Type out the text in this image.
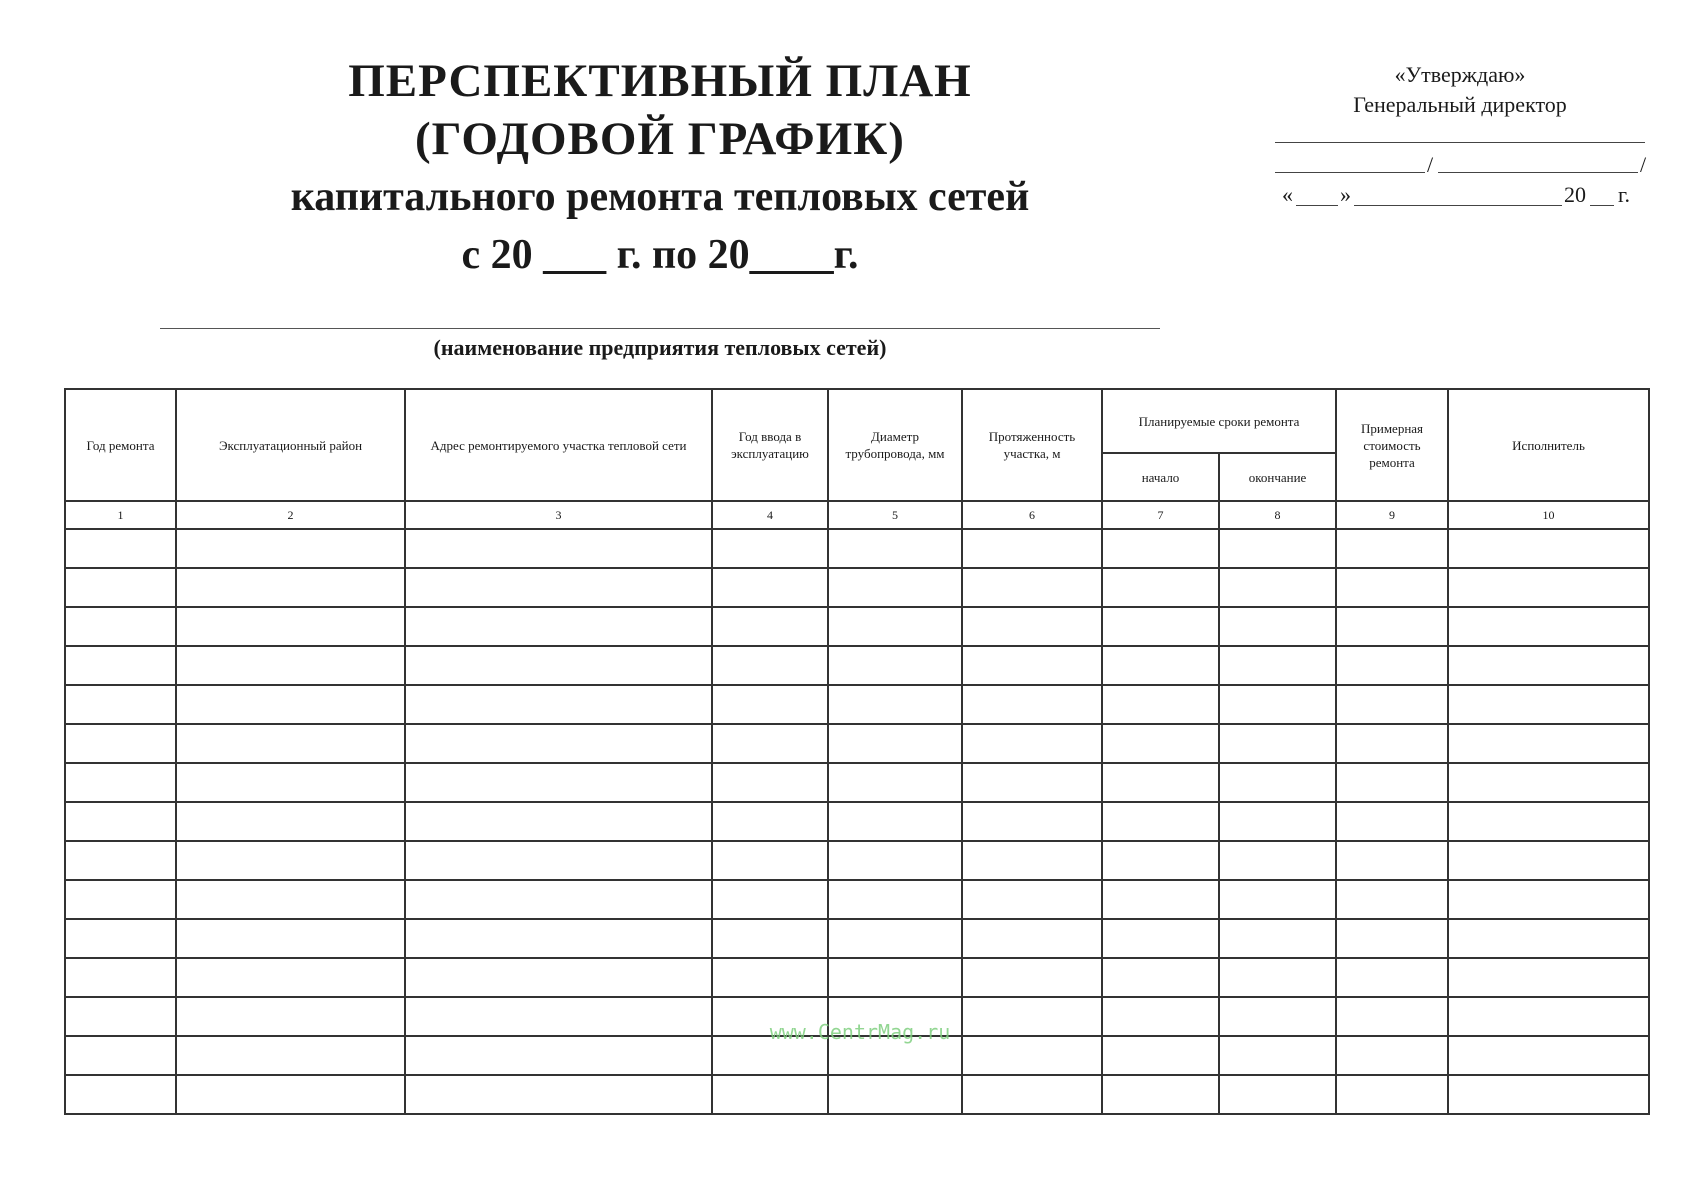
ПЕРСПЕКТИВНЫЙ ПЛАН
(ГОДОВОЙ ГРАФИК)
капитального ремонта тепловых сетей
с 20 ___ г. по 20____г.
«Утверждаю»
Генеральный директор
/	/
« »	20 г.
(наименование предприятия тепловых сетей)
Год ремонта	Эксплуатационный район	Адрес ремонтируемого участка тепловой сети	Год ввода в эксплуатацию	Диаметр трубопровода, мм	Протяженность участка, м	Планируемые сроки ремонта		Примерная стоимость ремонта	Исполнитель
						начало	окончание		
1	2	3	4	5	6	7	8	9	10

www.CentrMag.ru
